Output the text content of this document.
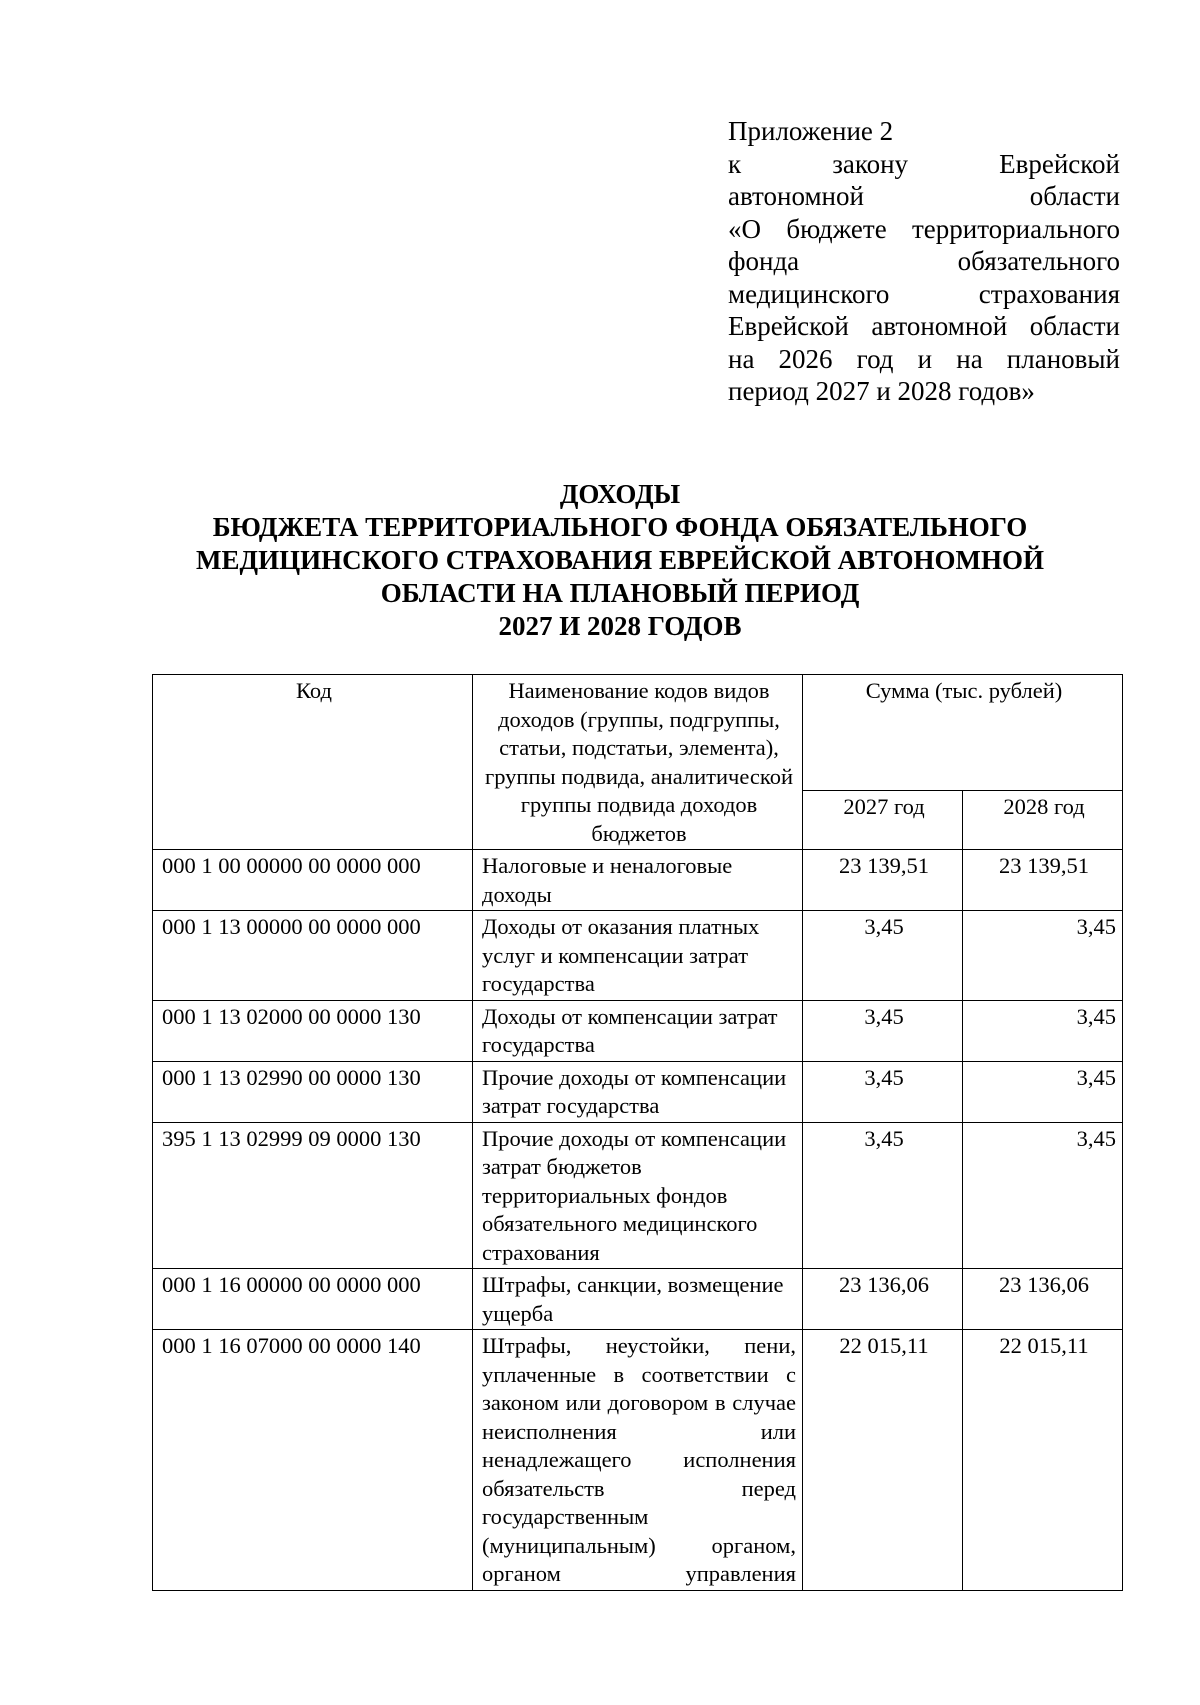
Приложение 2
к закону Еврейской
автономной области
«О бюджете территориального
фонда обязательного
медицинского страхования
Еврейской автономной области
на 2026 год и на плановый
период 2027 и 2028 годов»
ДОХОДЫ
БЮДЖЕТА ТЕРРИТОРИАЛЬНОГО ФОНДА ОБЯЗАТЕЛЬНОГО
МЕДИЦИНСКОГО СТРАХОВАНИЯ ЕВРЕЙСКОЙ АВТОНОМНОЙ
ОБЛАСТИ НА ПЛАНОВЫЙ ПЕРИОД
2027 И 2028 ГОДОВ
Код	Наименование кодов видов доходов (группы, подгруппы, статьи, подстатьи, элемента), группы подвида, аналитической группы подвида доходов бюджетов	Сумма (тыс. рублей)	
		2027 год	2028 год
000 1 00 00000 00 0000 000	Налоговые и неналоговые доходы	23 139,51	23 139,51
000 1 13 00000 00 0000 000	Доходы от оказания платных услуг и компенсации затрат государства	3,45	3,45
000 1 13 02000 00 0000 130	Доходы от компенсации затрат государства	3,45	3,45
000 1 13 02990 00 0000 130	Прочие доходы от компенсации затрат государства	3,45	3,45
395 1 13 02999 09 0000 130	Прочие доходы от компенсации затрат бюджетов территориальных фондов обязательного медицинского страхования	3,45	3,45
000 1 16 00000 00 0000 000	Штрафы, санкции, возмещение ущерба	23 136,06	23 136,06
000 1 16 07000 00 0000 140	Штрафы, неустойки, пени, уплаченные в соответствии с законом или договором в случае неисполнения или ненадлежащего исполнения обязательств перед государственным (муниципальным) органом, органом управления	22 015,11	22 015,11
